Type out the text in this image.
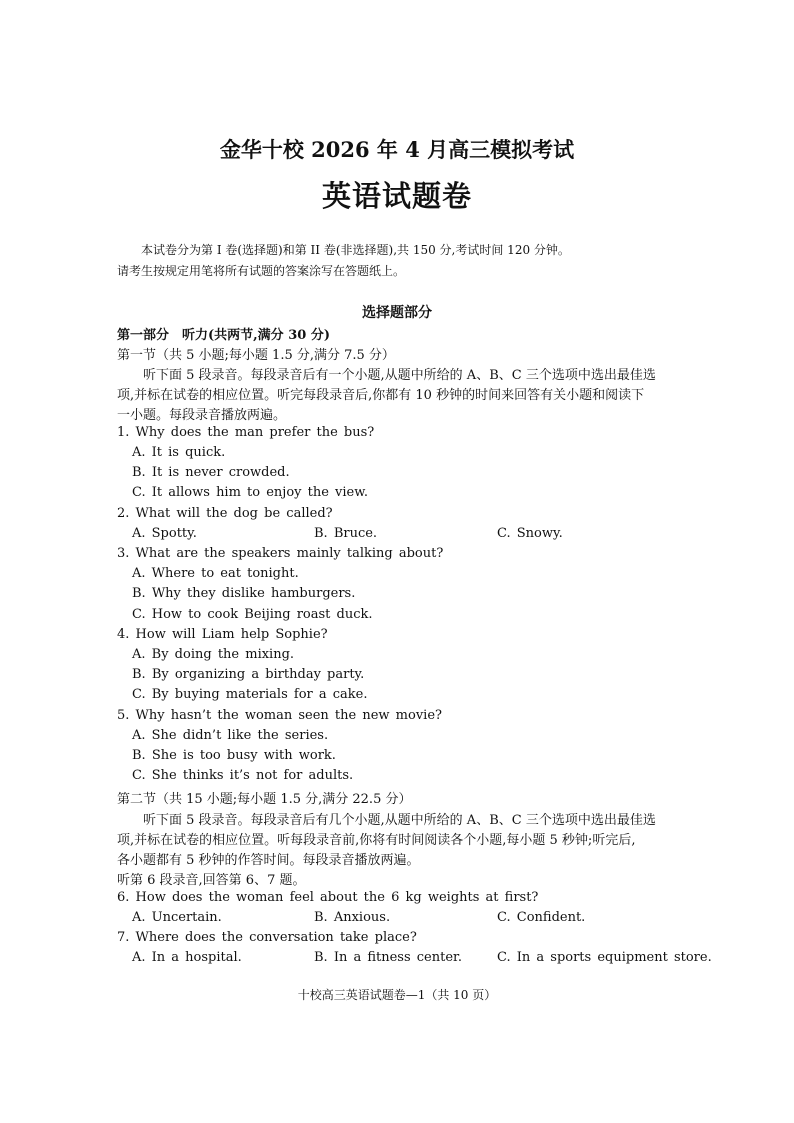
金华十校 2026 年 4 月高三模拟考试
英语试题卷
本试卷分为第 I 卷(选择题)和第 II 卷(非选择题),共 150 分,考试时间 120 分钟。
请考生按规定用笔将所有试题的答案涂写在答题纸上。
选择题部分
第一部分　听力(共两节,满分 30 分)
第一节（共 5 小题;每小题 1.5 分,满分 7.5 分）
听下面 5 段录音。每段录音后有一个小题,从题中所给的 A、B、C 三个选项中选出最佳选
项,并标在试卷的相应位置。听完每段录音后,你都有 10 秒钟的时间来回答有关小题和阅读下
一小题。每段录音播放两遍。
1. Why does the man prefer the bus?
A. It is quick.
B. It is never crowded.
C. It allows him to enjoy the view.
2. What will the dog be called?
A. Spotty.	B. Bruce.	C. Snowy.
3. What are the speakers mainly talking about?
A. Where to eat tonight.
B. Why they dislike hamburgers.
C. How to cook Beijing roast duck.
4. How will Liam help Sophie?
A. By doing the mixing.
B. By organizing a birthday party.
C. By buying materials for a cake.
5. Why hasn’t the woman seen the new movie?
A. She didn’t like the series.
B. She is too busy with work.
C. She thinks it’s not for adults.
第二节（共 15 小题;每小题 1.5 分,满分 22.5 分）
听下面 5 段录音。每段录音后有几个小题,从题中所给的 A、B、C 三个选项中选出最佳选
项,并标在试卷的相应位置。听每段录音前,你将有时间阅读各个小题,每小题 5 秒钟;听完后,
各小题都有 5 秒钟的作答时间。每段录音播放两遍。
听第 6 段录音,回答第 6、7 题。
6. How does the woman feel about the 6 kg weights at first?
A. Uncertain.	B. Anxious.	C. Confident.
7. Where does the conversation take place?
A. In a hospital.	B. In a fitness center.	C. In a sports equipment store.
十校高三英语试题卷—1（共 10 页）
